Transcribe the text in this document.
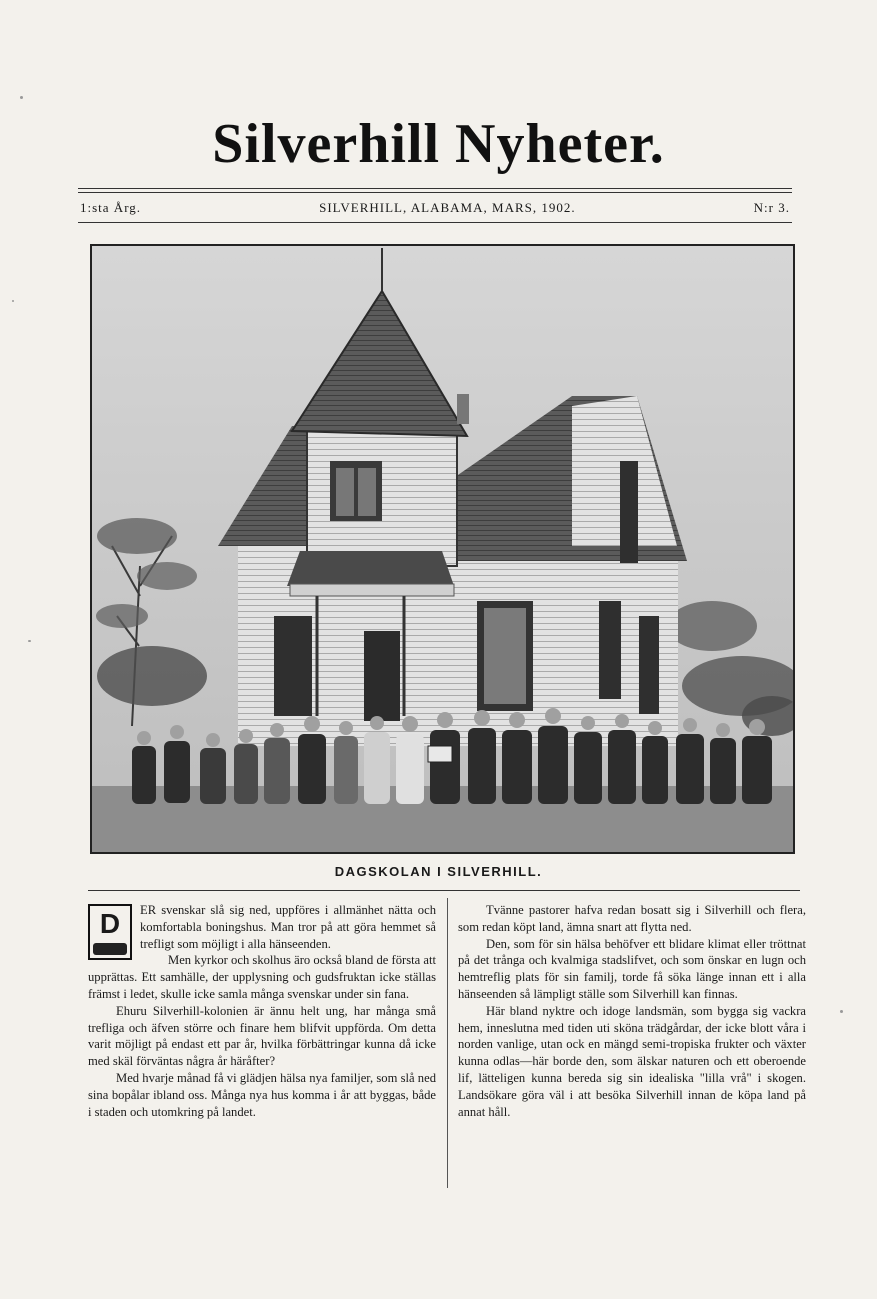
Silverhill Nyheter.
1:sta Årg.	SILVERHILL, ALABAMA, MARS, 1902.	N:r 3.
DAGSKOLAN I SILVERHILL.
D	ER svenskar slå sig ned, uppföres i allmänhet nätta och komfortabla boningshus. Man tror på att göra hemmet så trefligt som möjligt i alla hänseenden.

Men kyrkor och skolhus äro också bland de första att upprättas. Ett samhälle, der upplysning och gudsfruktan icke ställas främst i ledet, skulle icke samla många svenskar under sin fana.

Ehuru Silverhill-kolonien är ännu helt ung, har många små trefliga och äfven större och finare hem blifvit uppförda. Om detta varit möjligt på endast ett par år, hvilka förbättringar kunna då icke med skäl förväntas några år häråfter?

Med hvarje månad få vi glädjen hälsa nya familjer, som slå ned sina bopålar ibland oss. Många nya hus komma i år att byggas, både i staden och utomkring på landet.

Tvänne pastorer hafva redan bosatt sig i Silverhill och flera, som redan köpt land, ämna snart att flytta ned.

Den, som för sin hälsa behöfver ett blidare klimat eller tröttnat på det trånga och kvalmiga stadslifvet, och som önskar en lugn och hemtreflig plats för sin familj, torde få söka länge innan ett i alla hänseenden så lämpligt ställe som Silverhill kan finnas.

Här bland nyktre och idoge landsmän, som bygga sig vackra hem, inneslutna med tiden uti sköna trädgårdar, der icke blott våra i norden vanlige, utan ock en mängd semi-tropiska frukter och växter kunna odlas—här borde den, som älskar naturen och ett oberoende lif, lätteligen kunna bereda sig sin idealiska "lilla vrå" i skogen. Landsökare göra väl i att besöka Silverhill innan de köpa land på annat håll.
